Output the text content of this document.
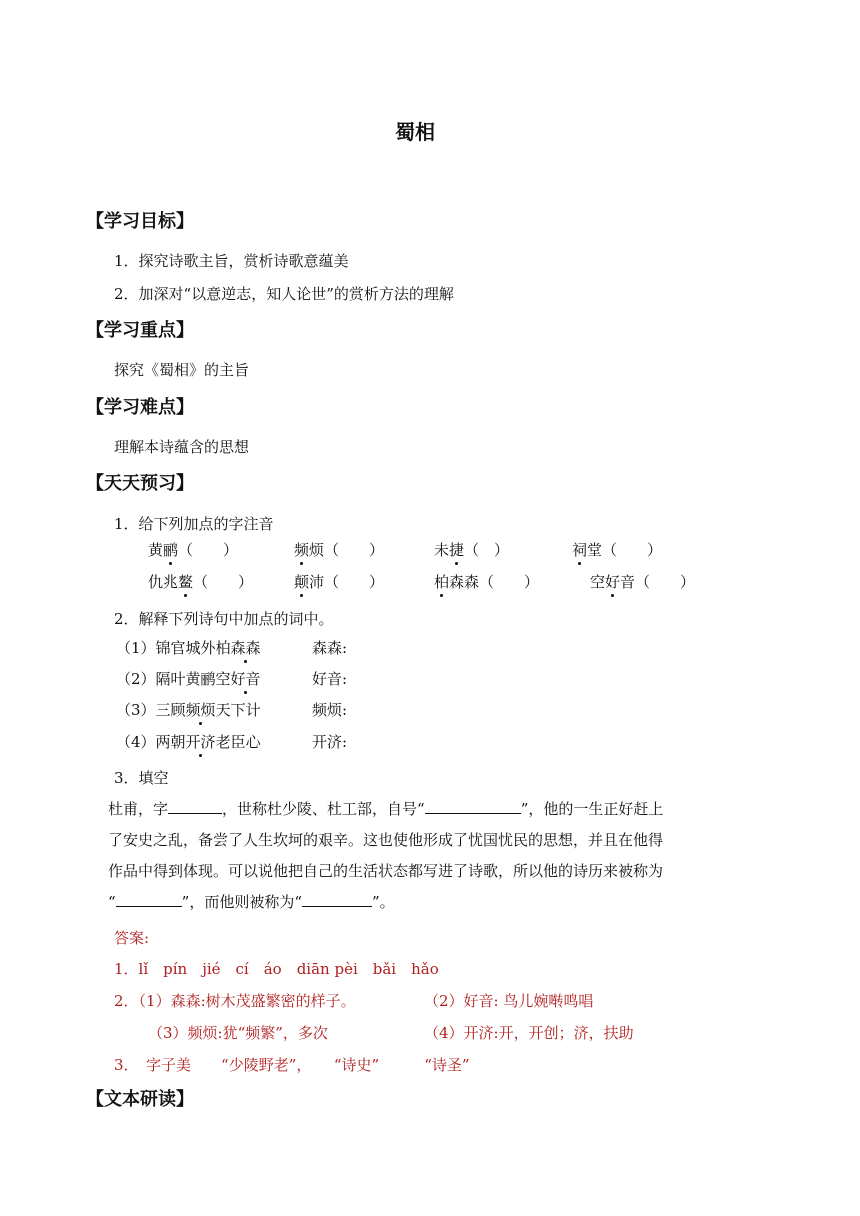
蜀相
【学习目标】
1．探究诗歌主旨，赏析诗歌意蕴美
2．加深对“以意逆志，知人论世”的赏析方法的理解
【学习重点】
探究《蜀相》的主旨
【学习难点】
理解本诗蕴含的思想
【天天预习】
1．给下列加点的字注音
黄鹂（　　）	频烦（　　）	未捷（　）	祠堂（　　）
仇兆鳌（　　）	颠沛（　　）	柏森森（　　）	空好音（　　）
2．解释下列诗句中加点的词中。
（1）锦官城外柏森森	森森:
（2）隔叶黄鹂空好音	好音:
（3）三顾频烦天下计	频烦:
（4）两朝开济老臣心	开济:
3．填空
杜甫，字	，世称杜少陵、杜工部，自号“	”，他的一生正好赶上
了安史之乱，备尝了人生坎坷的艰辛。这也使他形成了忧国忧民的思想，并且在他得
作品中得到体现。可以说他把自己的生活状态都写进了诗歌，所以他的诗历来被称为
“	”，而他则被称为“	”。
答案:
1．lǐ　pín　jié　cí　áo　diān pèi　bǎi　hǎo
2．（1）森森:树木茂盛繁密的样子。	（2）好音: 鸟儿婉啭鸣唱
（3）频烦:犹“频繁”，多次	（4）开济:开，开创；济，扶助
3．　字子美　　“少陵野老”，　　“诗史”　　　“诗圣”
【文本研读】
